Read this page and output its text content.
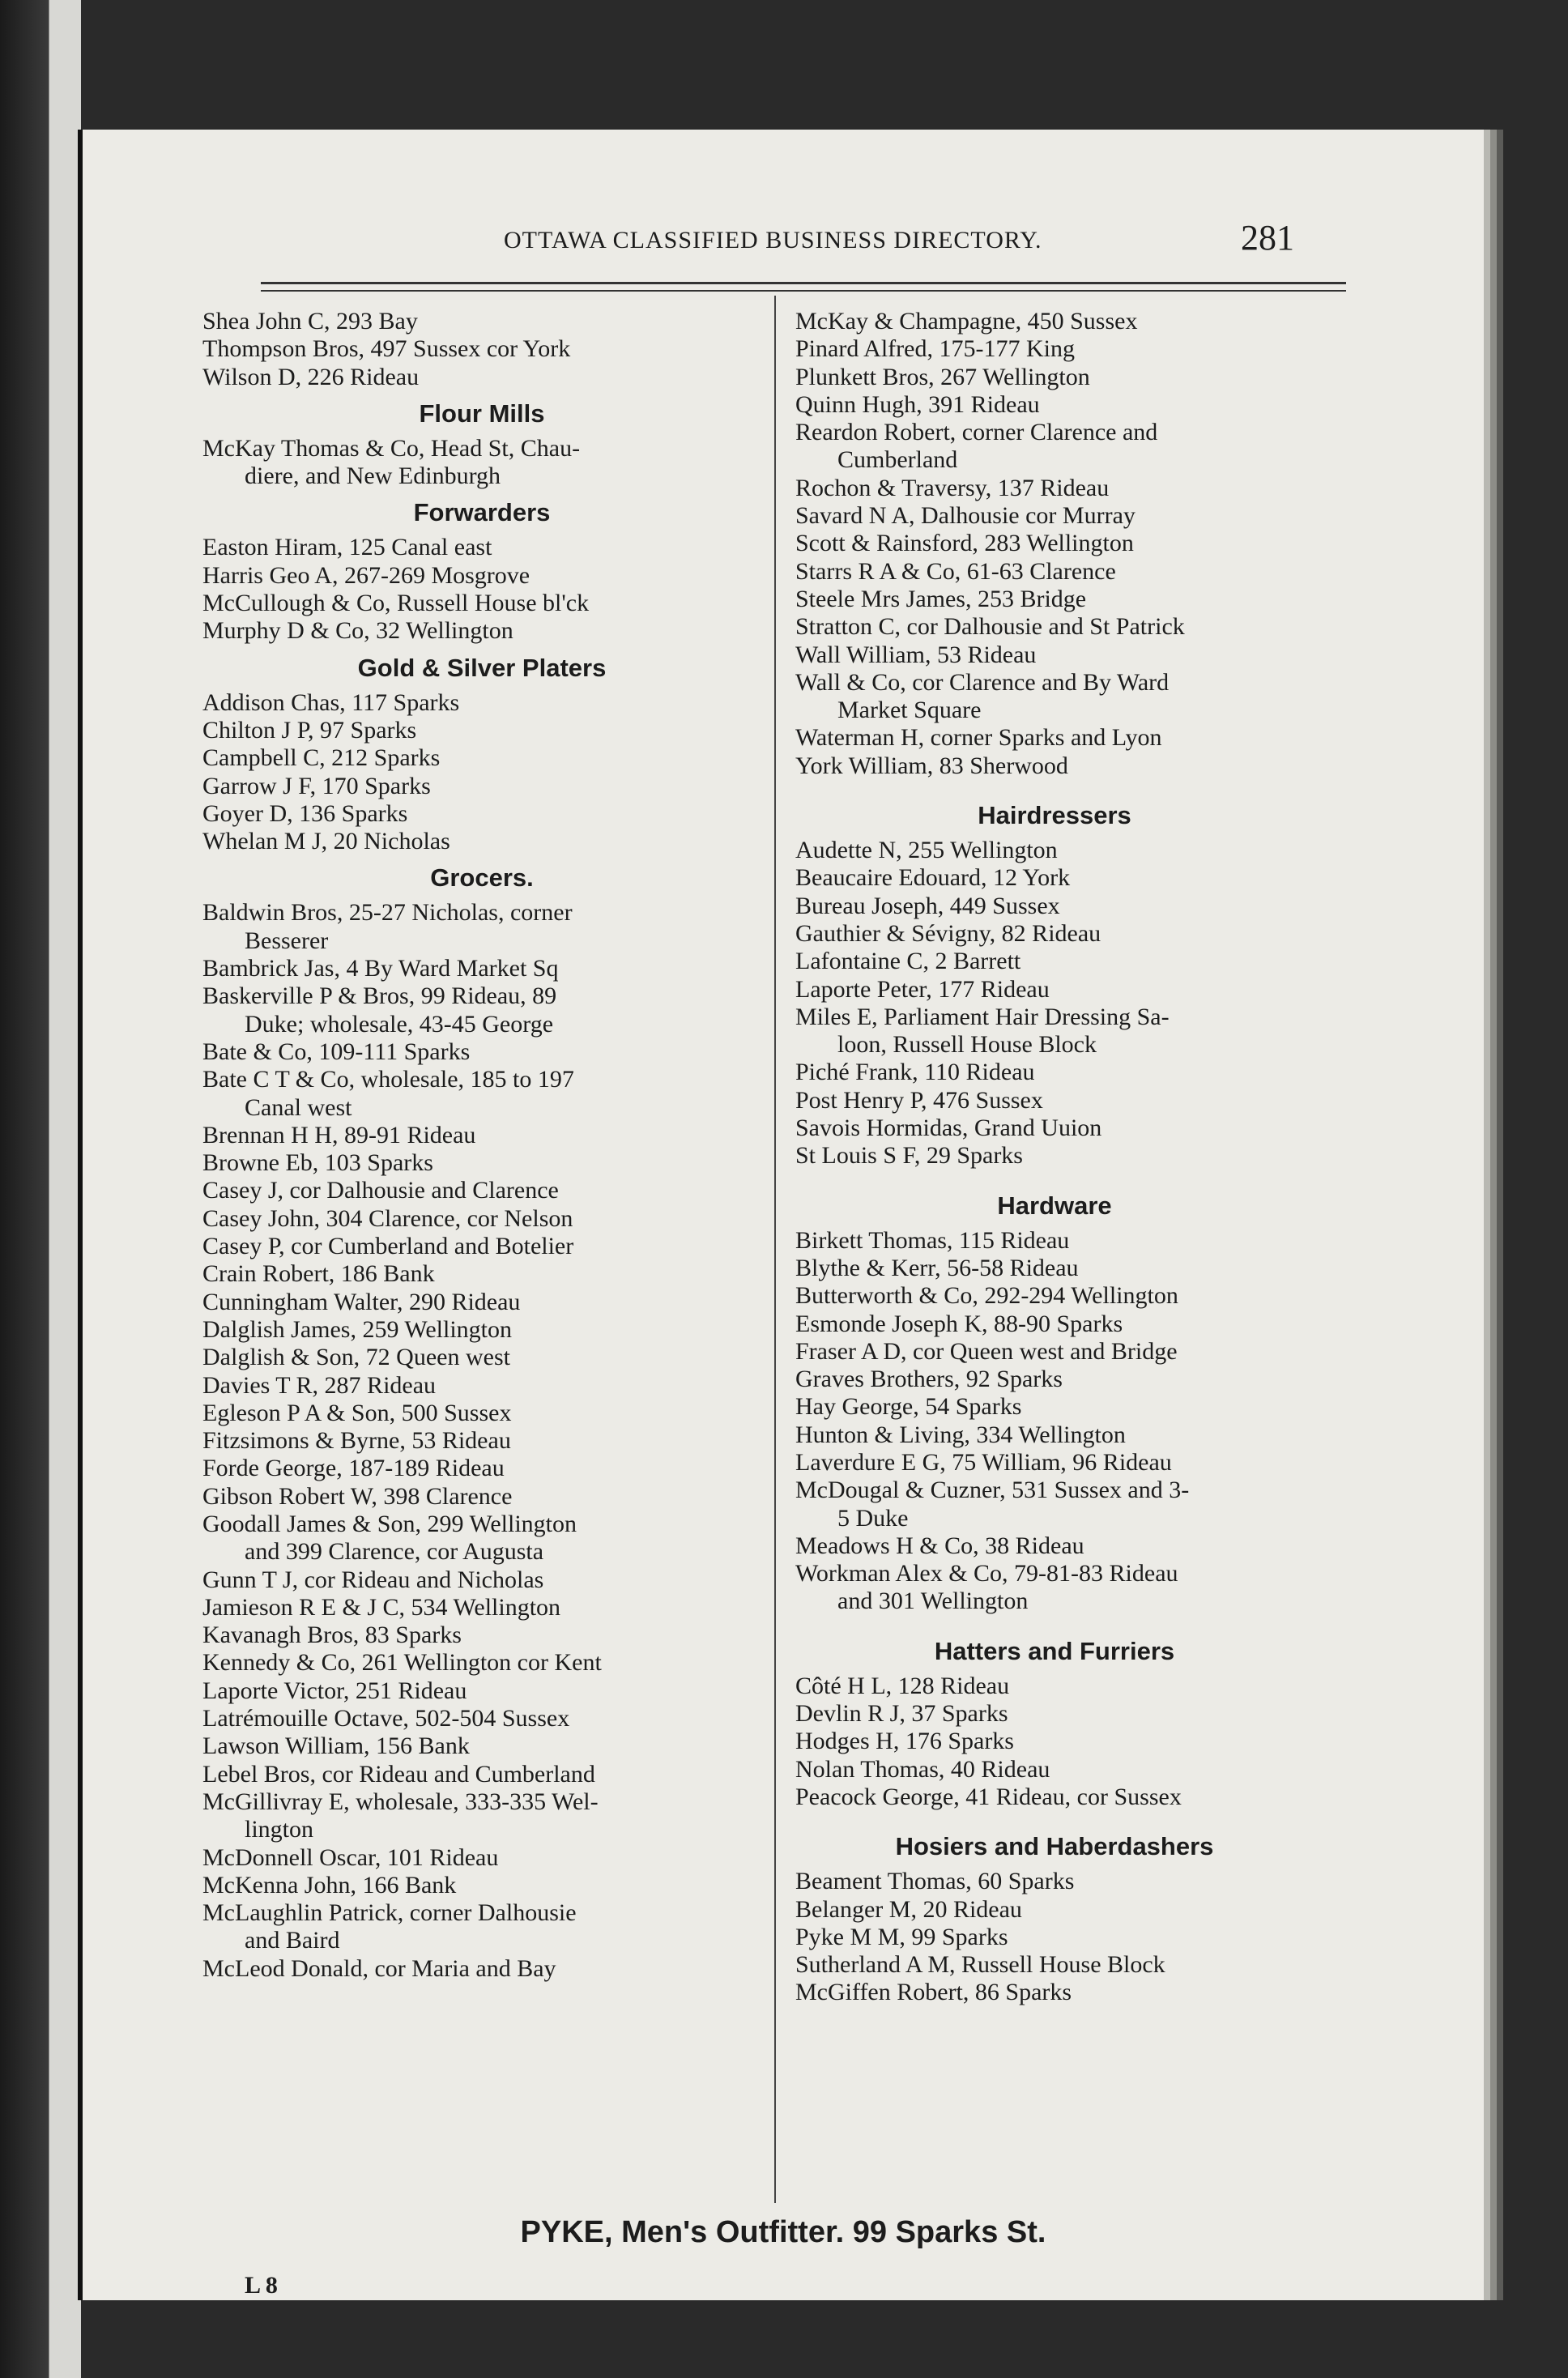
OTTAWA CLASSIFIED BUSINESS DIRECTORY.	281
Shea John C, 293 Bay
Thompson Bros, 497 Sussex cor York
Wilson D, 226 Rideau
Flour Mills
McKay Thomas & Co, Head St, Chau-
diere, and New Edinburgh
Forwarders
Easton Hiram, 125 Canal east
Harris Geo A, 267-269 Mosgrove
McCullough & Co, Russell House bl'ck
Murphy D & Co, 32 Wellington
Gold & Silver Platers
Addison Chas, 117 Sparks
Chilton J P, 97 Sparks
Campbell C, 212 Sparks
Garrow J F, 170 Sparks
Goyer D, 136 Sparks
Whelan M J, 20 Nicholas
Grocers.
Baldwin Bros, 25-27 Nicholas, corner
Besserer
Bambrick Jas, 4 By Ward Market Sq
Baskerville P & Bros, 99 Rideau, 89
Duke; wholesale, 43-45 George
Bate & Co, 109-111 Sparks
Bate C T & Co, wholesale, 185 to 197
Canal west
Brennan H H, 89-91 Rideau
Browne Eb, 103 Sparks
Casey J, cor Dalhousie and Clarence
Casey John, 304 Clarence, cor Nelson
Casey P, cor Cumberland and Botelier
Crain Robert, 186 Bank
Cunningham Walter, 290 Rideau
Dalglish James, 259 Wellington
Dalglish & Son, 72 Queen west
Davies T R, 287 Rideau
Egleson P A & Son, 500 Sussex
Fitzsimons & Byrne, 53 Rideau
Forde George, 187-189 Rideau
Gibson Robert W, 398 Clarence
Goodall James & Son, 299 Wellington
and 399 Clarence, cor Augusta
Gunn T J, cor Rideau and Nicholas
Jamieson R E & J C, 534 Wellington
Kavanagh Bros, 83 Sparks
Kennedy & Co, 261 Wellington cor Kent
Laporte Victor, 251 Rideau
Latrémouille Octave, 502-504 Sussex
Lawson William, 156 Bank
Lebel Bros, cor Rideau and Cumberland
McGillivray E, wholesale, 333-335 Wel-
lington
McDonnell Oscar, 101 Rideau
McKenna John, 166 Bank
McLaughlin Patrick, corner Dalhousie
and Baird
McLeod Donald, cor Maria and Bay
McKay & Champagne, 450 Sussex
Pinard Alfred, 175-177 King
Plunkett Bros, 267 Wellington
Quinn Hugh, 391 Rideau
Reardon Robert, corner Clarence and
Cumberland
Rochon & Traversy, 137 Rideau
Savard N A, Dalhousie cor Murray
Scott & Rainsford, 283 Wellington
Starrs R A & Co, 61-63 Clarence
Steele Mrs James, 253 Bridge
Stratton C, cor Dalhousie and St Patrick
Wall William, 53 Rideau
Wall & Co, cor Clarence and By Ward
Market Square
Waterman H, corner Sparks and Lyon
York William, 83 Sherwood
Hairdressers
Audette N, 255 Wellington
Beaucaire Edouard, 12 York
Bureau Joseph, 449 Sussex
Gauthier & Sévigny, 82 Rideau
Lafontaine C, 2 Barrett
Laporte Peter, 177 Rideau
Miles E, Parliament Hair Dressing Sa-
loon, Russell House Block
Piché Frank, 110 Rideau
Post Henry P, 476 Sussex
Savois Hormidas, Grand Uuion
St Louis S F, 29 Sparks
Hardware
Birkett Thomas, 115 Rideau
Blythe & Kerr, 56-58 Rideau
Butterworth & Co, 292-294 Wellington
Esmonde Joseph K, 88-90 Sparks
Fraser A D, cor Queen west and Bridge
Graves Brothers, 92 Sparks
Hay George, 54 Sparks
Hunton & Living, 334 Wellington
Laverdure E G, 75 William, 96 Rideau
McDougal & Cuzner, 531 Sussex and 3-
5 Duke
Meadows H & Co, 38 Rideau
Workman Alex & Co, 79-81-83 Rideau
and 301 Wellington
Hatters and Furriers
Côté H L, 128 Rideau
Devlin R J, 37 Sparks
Hodges H, 176 Sparks
Nolan Thomas, 40 Rideau
Peacock George, 41 Rideau, cor Sussex
Hosiers and Haberdashers
Beament Thomas, 60 Sparks
Belanger M, 20 Rideau
Pyke M M, 99 Sparks
Sutherland A M, Russell House Block
McGiffen Robert, 86 Sparks
PYKE, Men's Outfitter. 99 Sparks St.
L 8
